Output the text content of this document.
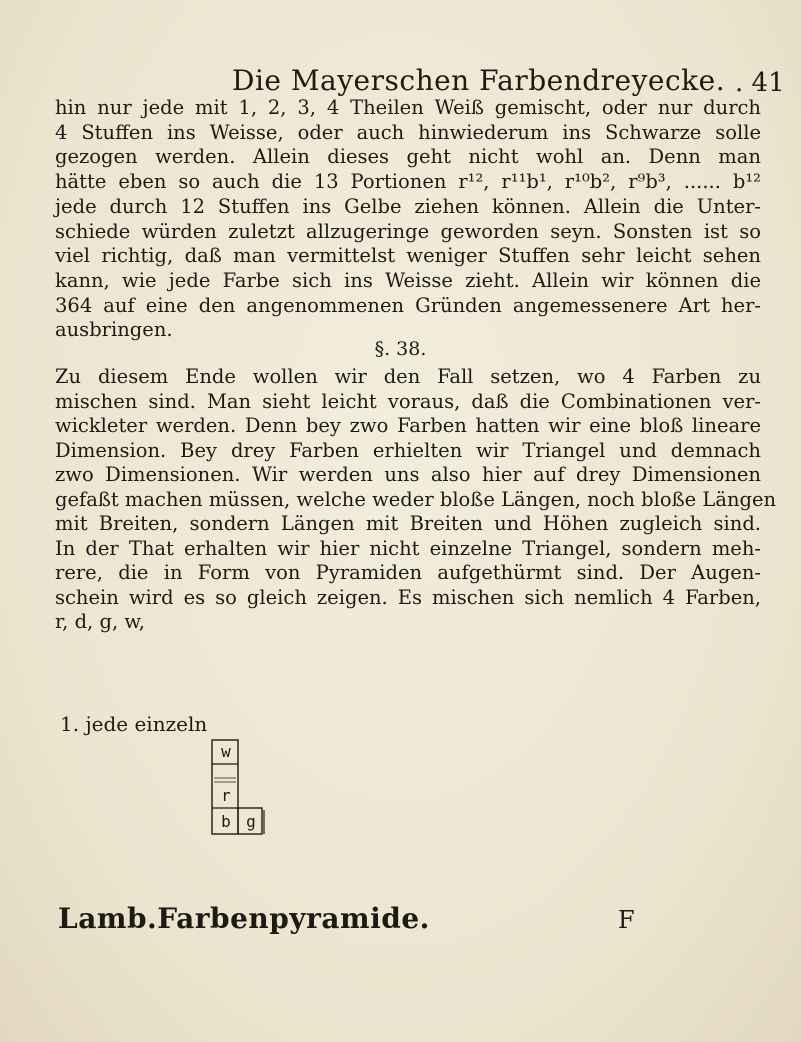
Die Mayerschen Farbendreyecke. . 41
hin nur jede mit 1, 2, 3, 4 Theilen Weiß gemischt, oder nur durch
4 Stuffen ins Weisse, oder auch hinwiederum ins Schwarze solle
gezogen werden. Allein dieses geht nicht wohl an. Denn man
hätte eben so auch die 13 Portionen r¹², r¹¹b¹, r¹⁰b², r⁹b³, ...... b¹²
jede durch 12 Stuffen ins Gelbe ziehen können. Allein die Unter-
schiede würden zuletzt allzugeringe geworden seyn. Sonsten ist so
viel richtig, daß man vermittelst weniger Stuffen sehr leicht sehen
kann, wie jede Farbe sich ins Weisse zieht. Allein wir können die
364 auf eine den angenommenen Gründen angemessenere Art her-
ausbringen.
§. 38.
Zu diesem Ende wollen wir den Fall setzen, wo 4 Farben zu
mischen sind. Man sieht leicht voraus, daß die Combinationen ver-
wickleter werden. Denn bey zwo Farben hatten wir eine bloß lineare
Dimension. Bey drey Farben erhielten wir Triangel und demnach
zwo Dimensionen. Wir werden uns also hier auf drey Dimensionen
gefaßt machen müssen, welche weder bloße Längen, noch bloße Längen
mit Breiten, sondern Längen mit Breiten und Höhen zugleich sind.
In der That erhalten wir hier nicht einzelne Triangel, sondern meh-
rere, die in Form von Pyramiden aufgethürmt sind. Der Augen-
schein wird es so gleich zeigen. Es mischen sich nemlich 4 Farben,
r, d, g, w,
1. jede einzeln
w
r
b g
Lamb.Farbenpyramide.	F
